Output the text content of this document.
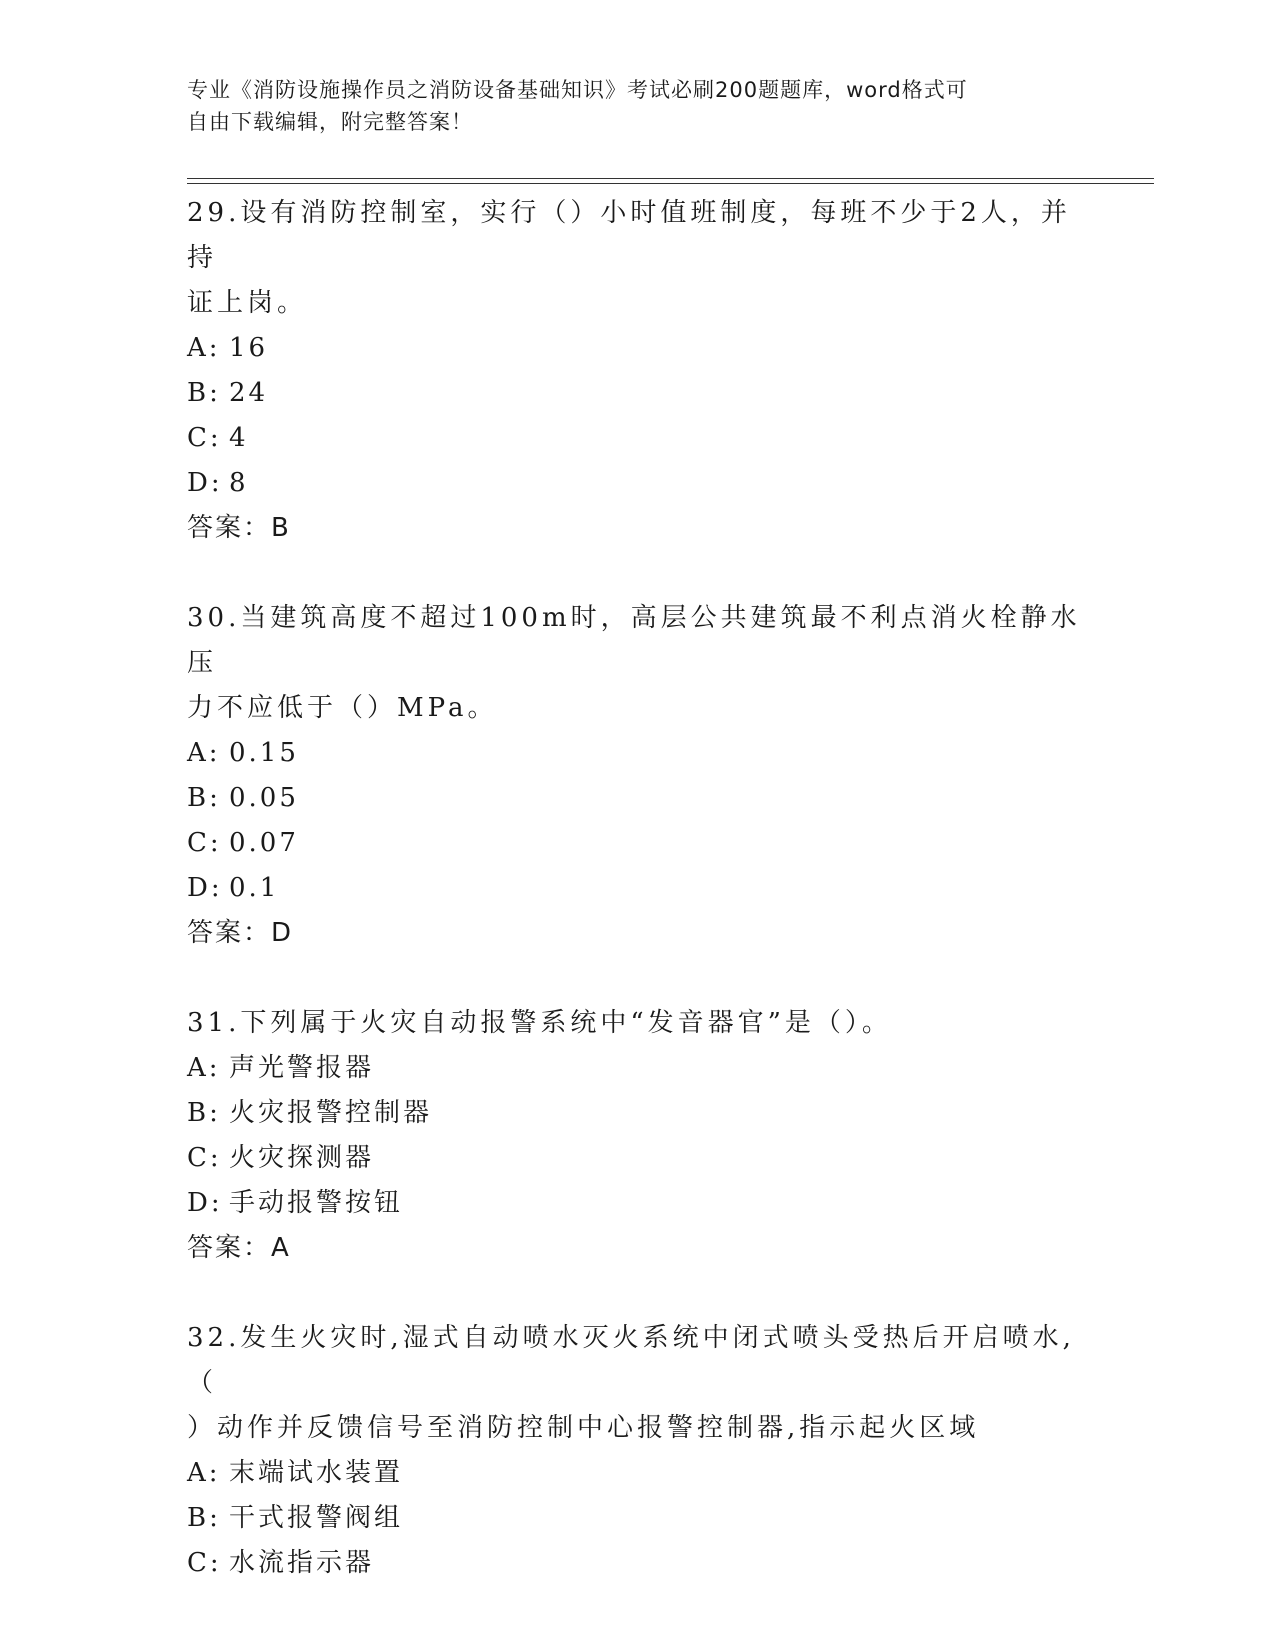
专业《消防设施操作员之消防设备基础知识》考试必刷200题题库，word格式可
自由下载编辑，附完整答案！
29.设有消防控制室，实行（）小时值班制度，每班不少于2人，并持
证上岗。
A: 16
B: 24
C: 4
D: 8
答案：B
30.当建筑高度不超过100m时，高层公共建筑最不利点消火栓静水压
力不应低于（）MPa。
A: 0.15
B: 0.05
C: 0.07
D: 0.1
答案：D
31.下列属于火灾自动报警系统中“发音器官”是（）。
A: 声光警报器
B: 火灾报警控制器
C: 火灾探测器
D: 手动报警按钮
答案：A
32.发生火灾时,湿式自动喷水灭火系统中闭式喷头受热后开启喷水,（
）动作并反馈信号至消防控制中心报警控制器,指示起火区域
A: 末端试水装置
B: 干式报警阀组
C: 水流指示器
